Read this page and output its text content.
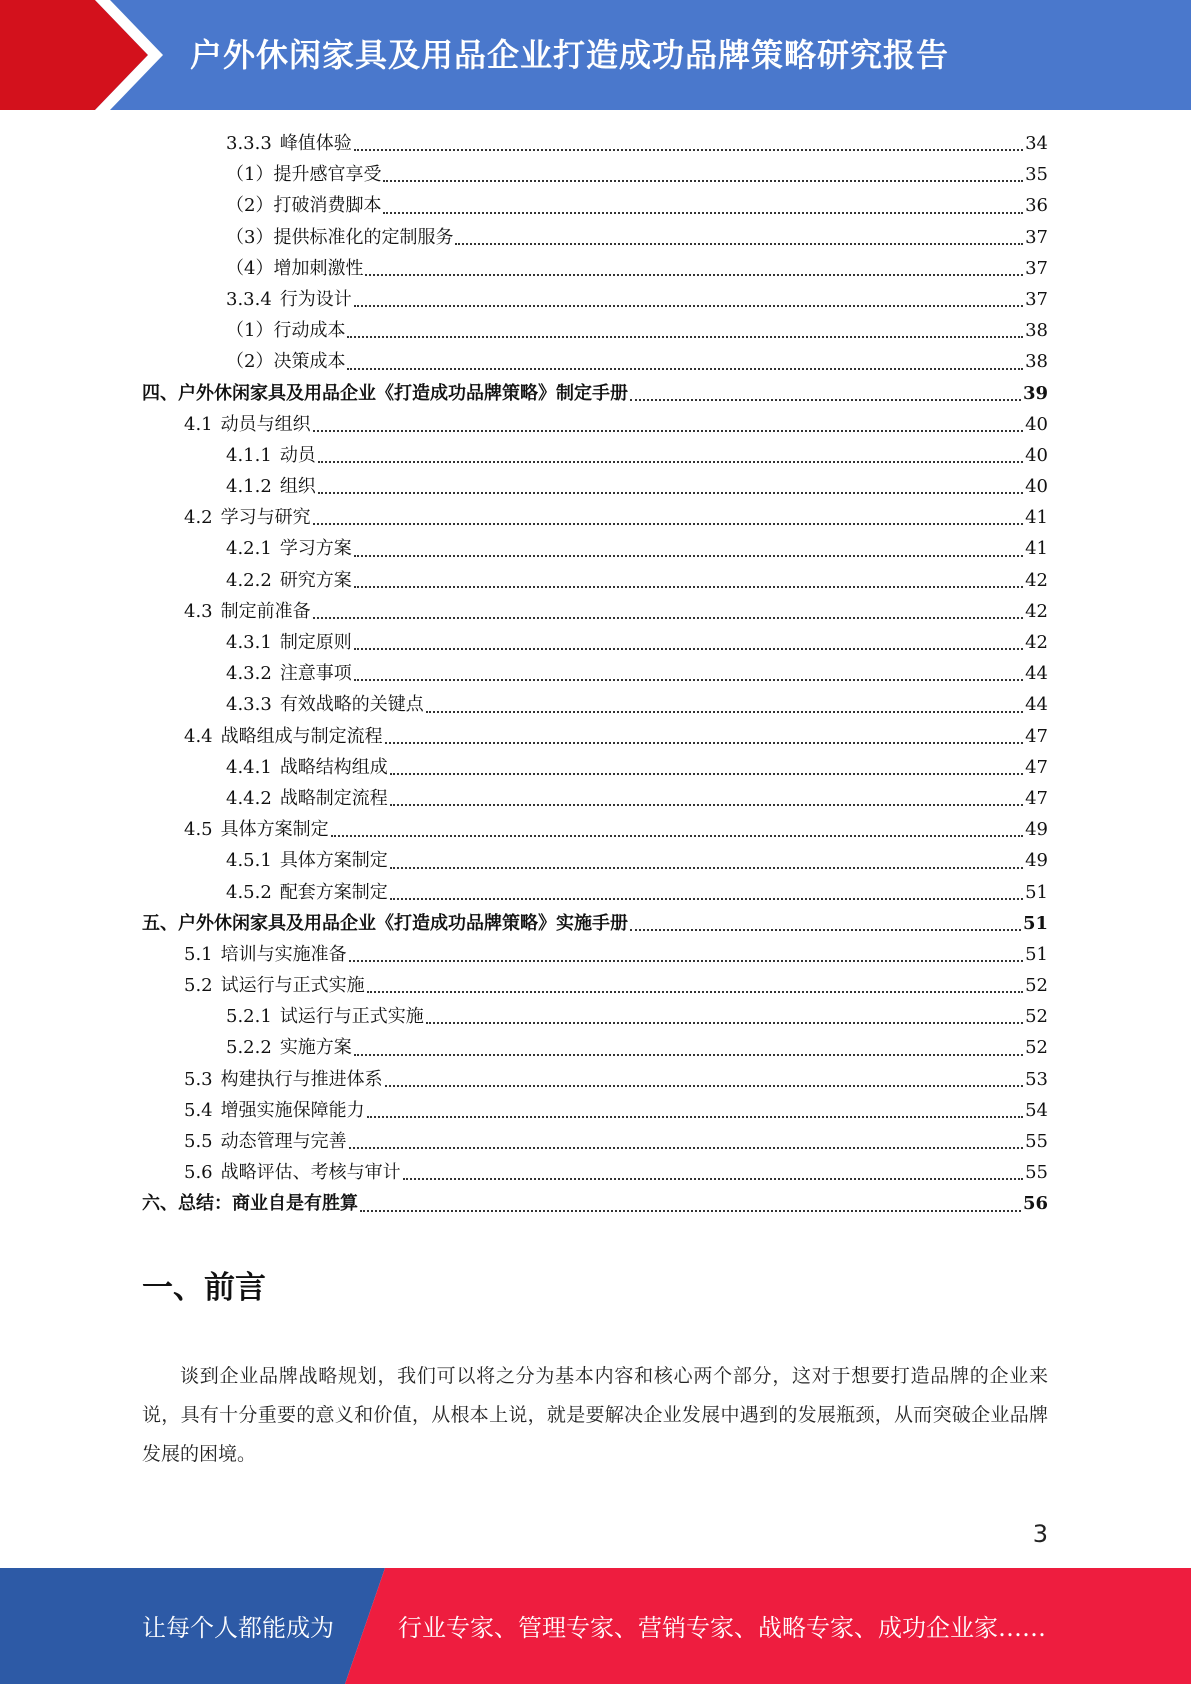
户外休闲家具及用品企业打造成功品牌策略研究报告
3.3.3 峰值体验	34
（1）提升感官享受	35
（2）打破消费脚本	36
（3）提供标准化的定制服务	37
（4）增加刺激性	37
3.3.4 行为设计	37
（1）行动成本	38
（2）决策成本	38
四、户外休闲家具及用品企业《打造成功品牌策略》制定手册	39
4.1 动员与组织	40
4.1.1 动员	40
4.1.2 组织	40
4.2 学习与研究	41
4.2.1 学习方案	41
4.2.2 研究方案	42
4.3 制定前准备	42
4.3.1 制定原则	42
4.3.2 注意事项	44
4.3.3 有效战略的关键点	44
4.4 战略组成与制定流程	47
4.4.1 战略结构组成	47
4.4.2 战略制定流程	47
4.5 具体方案制定	49
4.5.1 具体方案制定	49
4.5.2 配套方案制定	51
五、户外休闲家具及用品企业《打造成功品牌策略》实施手册	51
5.1 培训与实施准备	51
5.2 试运行与正式实施	52
5.2.1 试运行与正式实施	52
5.2.2 实施方案	52
5.3 构建执行与推进体系	53
5.4 增强实施保障能力	54
5.5 动态管理与完善	55
5.6 战略评估、考核与审计	55
六、总结：商业自是有胜算	56
一、前言
谈到企业品牌战略规划，我们可以将之分为基本内容和核心两个部分，这对于想要打造品牌的企业来说，具有十分重要的意义和价值，从根本上说，就是要解决企业发展中遇到的发展瓶颈，从而突破企业品牌发展的困境。
3
让每个人都能成为	行业专家、管理专家、营销专家、战略专家、成功企业家……
